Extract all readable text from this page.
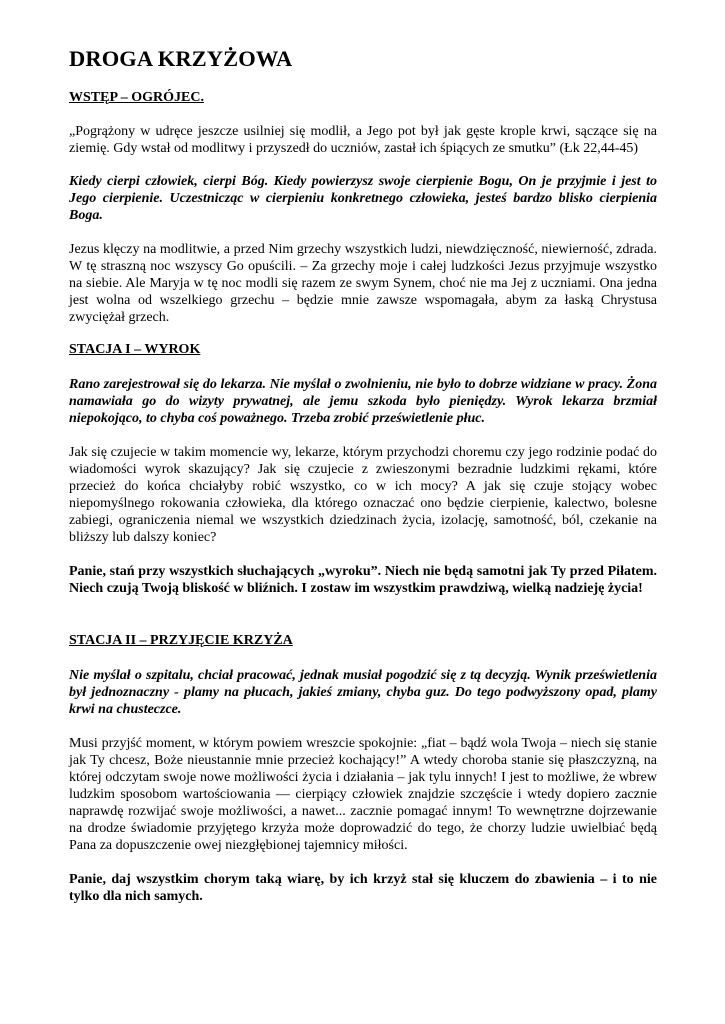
DROGA KRZYŻOWA
WSTĘP – OGRÓJEC.

„Pogrążony w udręce jeszcze usilniej się modlił, a Jego pot był jak gęste krople krwi, sączące się na ziemię. Gdy wstał od modlitwy i przyszedł do uczniów, zastał ich śpiących ze smutku” (Łk 22,44-45)

Kiedy cierpi człowiek, cierpi Bóg. Kiedy powierzysz swoje cierpienie Bogu, On je przyjmie i jest to Jego cierpienie. Uczestnicząc w cierpieniu konkretnego człowieka, jesteś bardzo blisko cierpienia Boga.

Jezus klęczy na modlitwie, a przed Nim grzechy wszystkich ludzi, niewdzięczność, niewierność, zdrada. W tę straszną noc wszyscy Go opuścili. – Za grzechy moje i całej ludzkości Jezus przyjmuje wszystko na siebie. Ale Maryja w tę noc modli się razem ze swym Synem, choć nie ma Jej z uczniami. Ona jedna jest wolna od wszelkiego grzechu – będzie mnie zawsze wspomagała, abym za łaską Chrystusa zwyciężał grzech.

STACJA I – WYROK

Rano zarejestrował się do lekarza. Nie myślał o zwolnieniu, nie było to dobrze widziane w pracy. Żona namawiała go do wizyty prywatnej, ale jemu szkoda było pieniędzy. Wyrok lekarza brzmiał niepokojąco, to chyba coś poważnego. Trzeba zrobić prześwietlenie płuc.

Jak się czujecie w takim momencie wy, lekarze, którym przychodzi choremu czy jego rodzinie podać do wiadomości wyrok skazujący? Jak się czujecie z zwieszonymi bezradnie ludzkimi rękami, które przecież do końca chciałyby robić wszystko, co w ich mocy? A jak się czuje stojący wobec niepomyślnego rokowania człowieka, dla którego oznaczać ono będzie cierpienie, kalectwo, bolesne zabiegi, ograniczenia niemal we wszystkich dziedzinach życia, izolację, samotność, ból, czekanie na bliższy lub dalszy koniec?

Panie, stań przy wszystkich słuchających „wyroku”. Niech nie będą samotni jak Ty przed Piłatem. Niech czują Twoją bliskość w bliźnich. I zostaw im wszystkim prawdziwą, wielką nadzieję życia!

STACJA II – PRZYJĘCIE KRZYŻA

Nie myślał o szpitalu, chciał pracować, jednak musiał pogodzić się z tą decyzją. Wynik prześwietlenia był jednoznaczny - plamy na płucach, jakieś zmiany, chyba guz. Do tego podwyższony opad, plamy krwi na chusteczce.

Musi przyjść moment, w którym powiem wreszcie spokojnie: „fiat – bądź wola Twoja – niech się stanie jak Ty chcesz, Boże nieustannie mnie przecież kochający!” A wtedy choroba stanie się płaszczyzną, na której odczytam swoje nowe możliwości życia i działania – jak tylu innych! I jest to możliwe, że wbrew ludzkim sposobom wartościowania — cierpiący człowiek znajdzie szczęście i wtedy dopiero zacznie naprawdę rozwijać swoje możliwości, a nawet... zacznie pomagać innym! To wewnętrzne dojrzewanie na drodze świadomie przyjętego krzyża może doprowadzić do tego, że chorzy ludzie uwielbiać będą Pana za dopuszczenie owej niezgłębionej tajemnicy miłości.

Panie, daj wszystkim chorym taką wiarę, by ich krzyż stał się kluczem do zbawienia – i to nie tylko dla nich samych.
